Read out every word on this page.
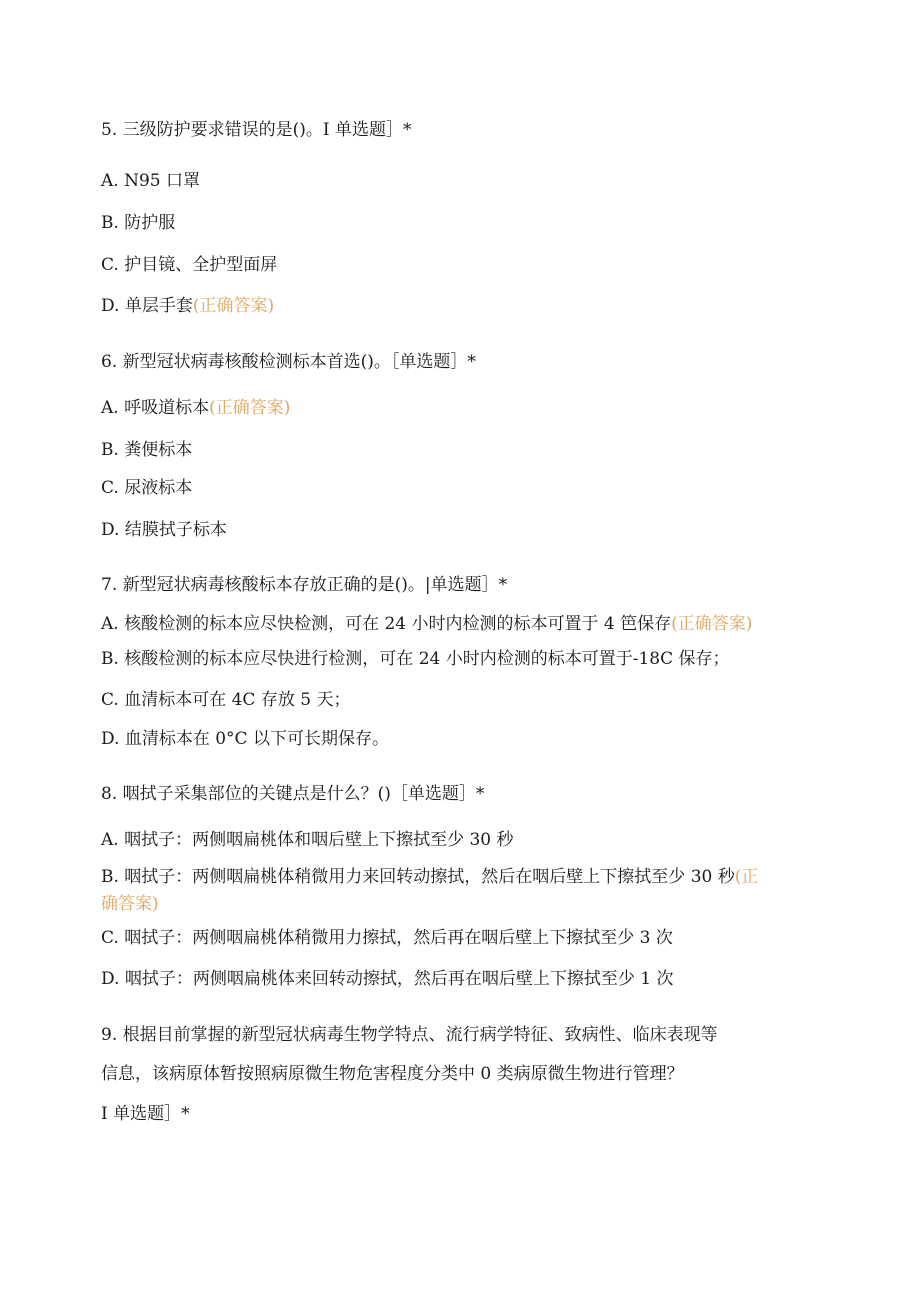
5. 三级防护要求错误的是()。I 单选题］*
A. N95 口罩
B. 防护服
C. 护目镜、全护型面屏
D. 单层手套(正确答案)
6. 新型冠状病毒核酸检测标本首选()。［单选题］*
A. 呼吸道标本(正确答案)
B. 粪便标本
C. 尿液标本
D. 结膜拭子标本
7. 新型冠状病毒核酸标本存放正确的是()。|单选题］*
A. 核酸检测的标本应尽快检测，可在 24 小时内检测的标本可置于 4 笆保存(正确答案)
B. 核酸检测的标本应尽快进行检测，可在 24 小时内检测的标本可置于-18C 保存；
C. 血清标本可在 4C 存放 5 天；
D. 血清标本在 0°C 以下可长期保存。
8. 咽拭子采集部位的关键点是什么？()［单选题］*
A. 咽拭子：两侧咽扁桃体和咽后壁上下擦拭至少 30 秒
B. 咽拭子：两侧咽扁桃体稍微用力来回转动擦拭，然后在咽后壁上下擦拭至少 30 秒(正
确答案)
C. 咽拭子：两侧咽扁桃体稍微用力擦拭，然后再在咽后壁上下擦拭至少 3 次
D. 咽拭子：两侧咽扁桃体来回转动擦拭，然后再在咽后壁上下擦拭至少 1 次
9. 根据目前掌握的新型冠状病毒生物学特点、流行病学特征、致病性、临床表现等
信息，该病原体暂按照病原微生物危害程度分类中 0 类病原微生物进行管理？
I 单选题］*
